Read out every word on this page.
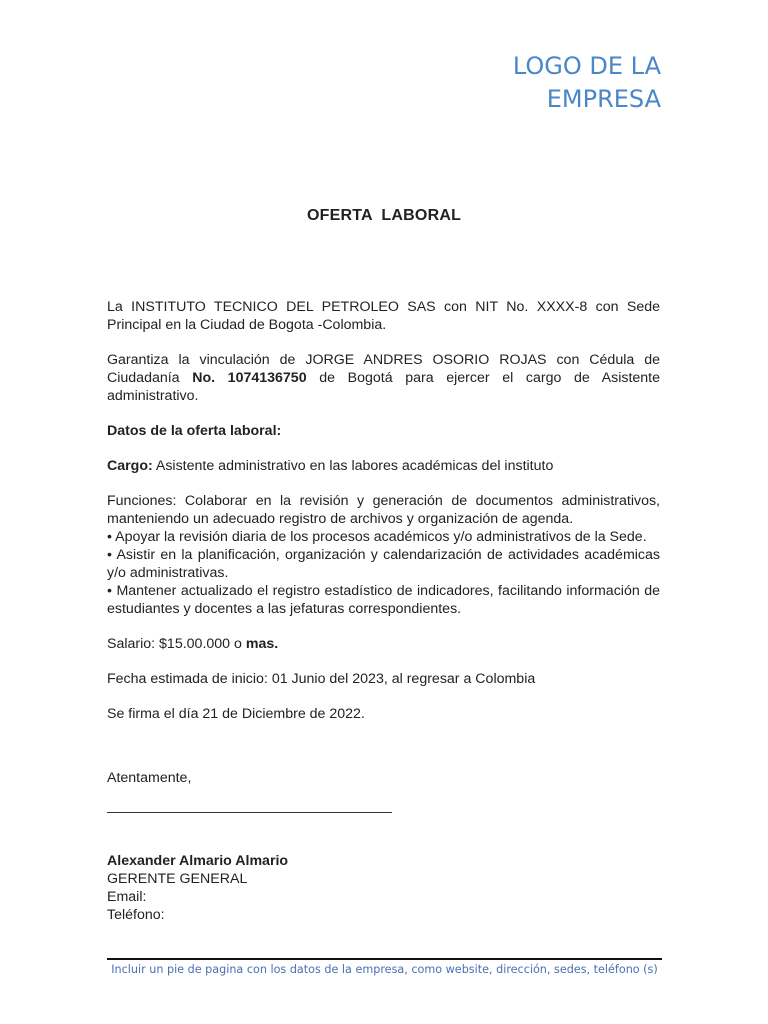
LOGO DE LA
EMPRESA
OFERTA  LABORAL

La INSTITUTO TECNICO DEL PETROLEO SAS con NIT No. XXXX-8 con Sede Principal en la Ciudad de Bogota -Colombia.

Garantiza la vinculación de JORGE ANDRES OSORIO ROJAS con Cédula de Ciudadanía No. 1074136750 de Bogotá para ejercer el cargo de Asistente administrativo.

Datos de la oferta laboral:

Cargo: Asistente administrativo en las labores académicas del instituto

Funciones: Colaborar en la revisión y generación de documentos administrativos, manteniendo un adecuado registro de archivos y organización de agenda.

• Apoyar la revisión diaria de los procesos académicos y/o administrativos de la Sede.

• Asistir en la planificación, organización y calendarización de actividades académicas y/o administrativas.

• Mantener actualizado el registro estadístico de indicadores, facilitando información de estudiantes y docentes a las jefaturas correspondientes.

Salario: $15.00.000 o mas.

Fecha estimada de inicio: 01 Junio del 2023, al regresar a Colombia

Se firma el día 21 de Diciembre de 2022.

Atentamente,

Alexander Almario Almario
GERENTE GENERAL
Email:
Teléfono:
Incluir un pie de pagina con los datos de la empresa, como website, dirección, sedes, teléfono (s)
